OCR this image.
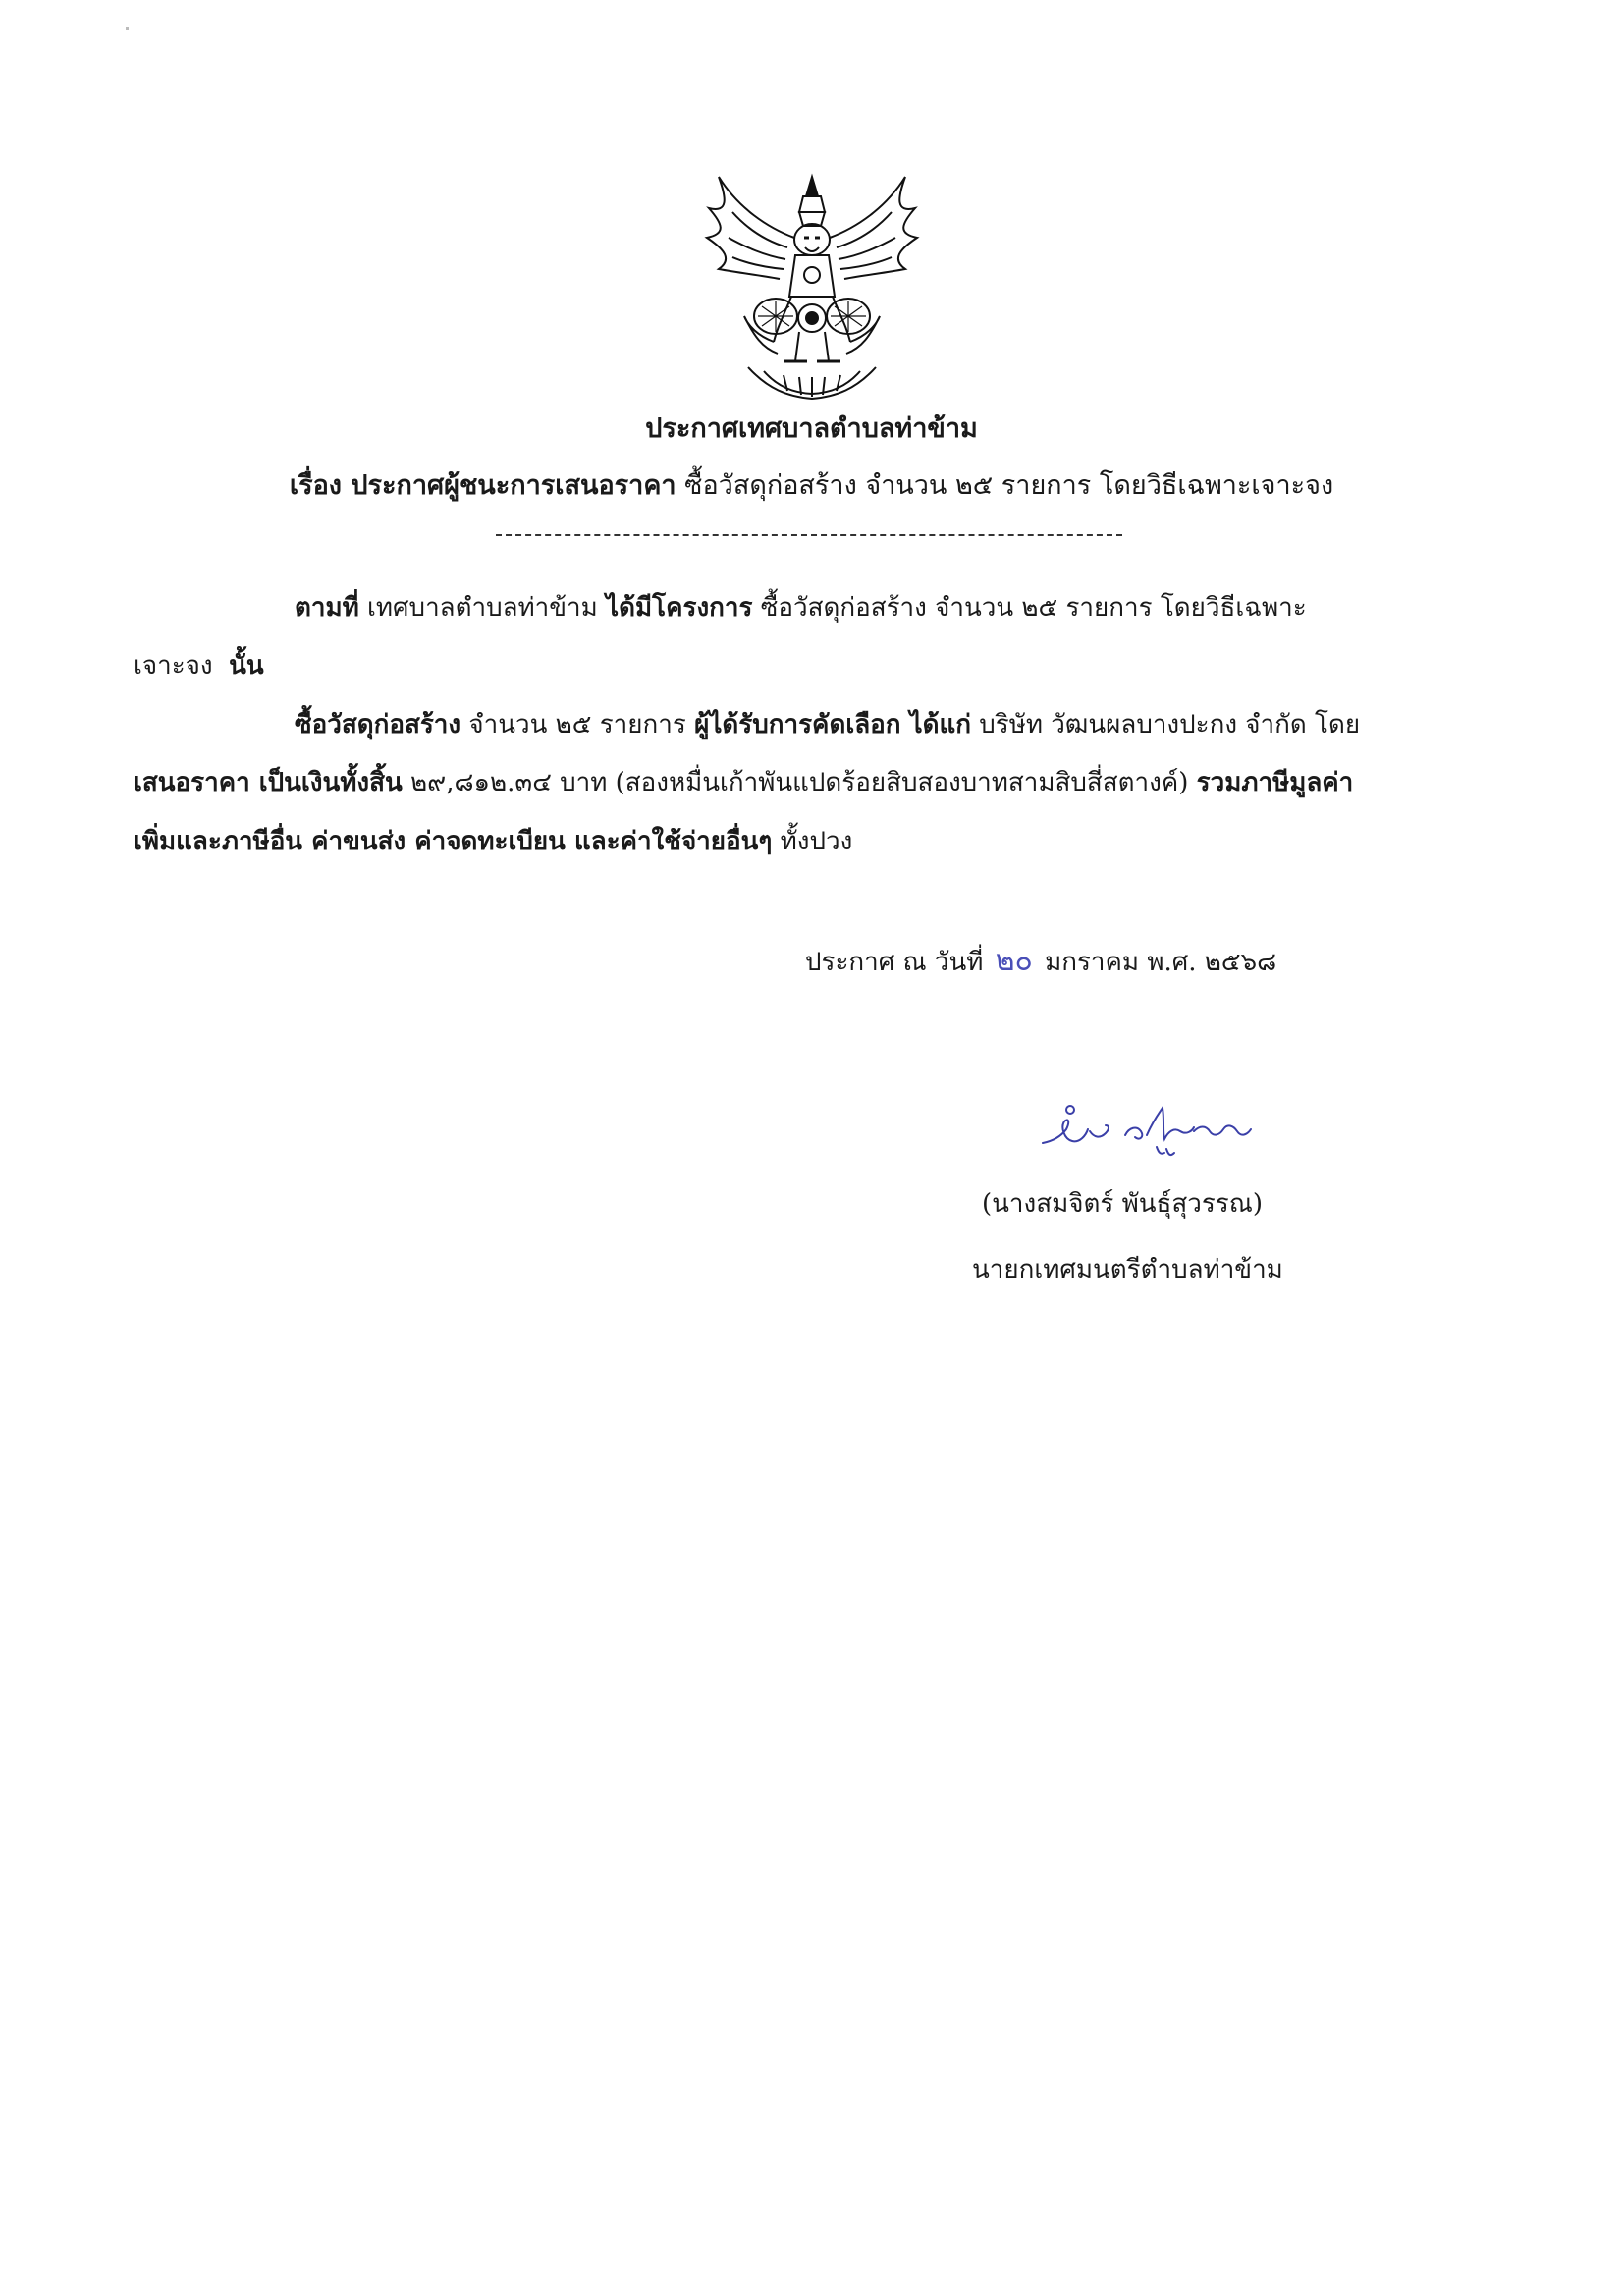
ประกาศเทศบาลตำบลท่าข้าม
เรื่อง ประกาศผู้ชนะการเสนอราคา ซื้อวัสดุก่อสร้าง จำนวน ๒๕ รายการ โดยวิธีเฉพาะเจาะจง
ตามที่ เทศบาลตำบลท่าข้าม ได้มีโครงการ ซื้อวัสดุก่อสร้าง จำนวน ๒๕ รายการ โดยวิธีเฉพาะ
เจาะจง นั้น
ซื้อวัสดุก่อสร้าง จำนวน ๒๕ รายการ ผู้ได้รับการคัดเลือก ได้แก่ บริษัท วัฒนผลบางปะกง จำกัด โดย
เสนอราคา เป็นเงินทั้งสิ้น ๒๙,๘๑๒.๓๔ บาท (สองหมื่นเก้าพันแปดร้อยสิบสองบาทสามสิบสี่สตางค์) รวมภาษีมูลค่า
เพิ่มและภาษีอื่น ค่าขนส่ง ค่าจดทะเบียน และค่าใช้จ่ายอื่นๆ ทั้งปวง
ประกาศ ณ วันที่ ๒๐ มกราคม พ.ศ. ๒๕๖๘
(นางสมจิตร์ พันธุ์สุวรรณ)
นายกเทศมนตรีตำบลท่าข้าม
